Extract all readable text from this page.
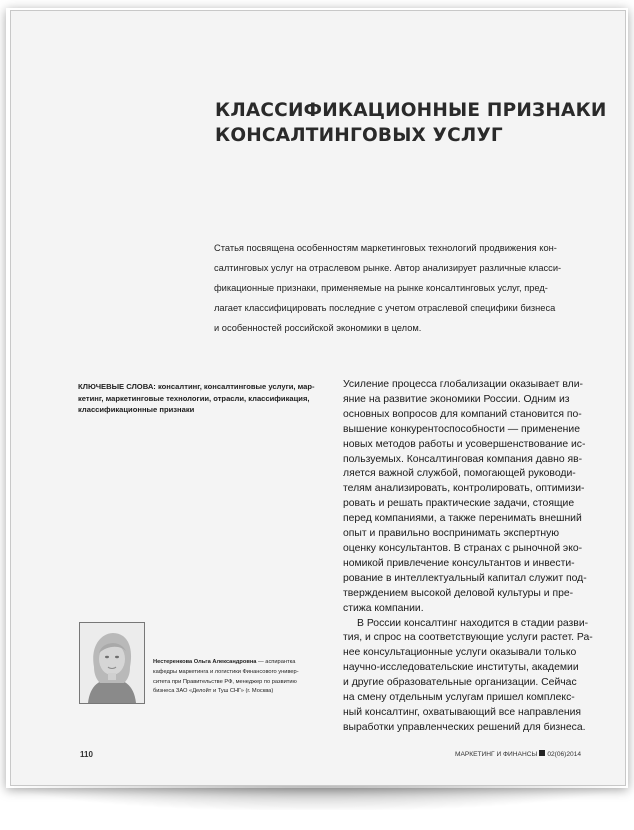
КЛАССИФИКАЦИОННЫЕ ПРИЗНАКИ
КОНСАЛТИНГОВЫХ УСЛУГ
Статья посвящена особенностям маркетинговых технологий продвижения кон-
салтинговых услуг на отраслевом рынке. Автор анализирует различные класси-
фикационные признаки, применяемые на рынке консалтинговых услуг, пред-
лагает классифицировать последние с учетом отраслевой специфики бизнеса
и особенностей российской экономики в целом.
КЛЮЧЕВЫЕ СЛОВА: консалтинг, консалтинговые услуги, мар-
кетинг, маркетинговые технологии, отрасли, классификация,
классификационные признаки
Усиление процесса глобализации оказывает вли-
яние на развитие экономики России. Одним из
основных вопросов для компаний становится по-
вышение конкурентоспособности — применение
новых методов работы и усовершенствование ис-
пользуемых. Консалтинговая компания давно яв-
ляется важной службой, помогающей руководи-
телям анализировать, контролировать, оптимизи-
ровать и решать практические задачи, стоящие
перед компаниями, а также перенимать внешний
опыт и правильно воспринимать экспертную
оценку консультантов. В странах с рыночной эко-
номикой привлечение консультантов и инвести-
рование в интеллектуальный капитал служит под-
тверждением высокой деловой культуры и пре-
стижа компании.
В России консалтинг находится в стадии разви-
тия, и спрос на соответствующие услуги растет. Ра-
нее консультационные услуги оказывали только
научно-исследовательские институты, академии
и другие образовательные организации. Сейчас
на смену отдельным услугам пришел комплекс-
ный консалтинг, охватывающий все направления
выработки управленческих решений для бизнеса.
Нестеренкова Ольга Александровна — аспирантка
кафедры маркетинга и логистики Финансового универ-
ситета при Правительстве РФ, менеджер по развитию
бизнеса ЗАО «Делойт и Туш СНГ» (г. Москва)
110	МАРКЕТИНГ И ФИНАНСЫ 02(06)2014
